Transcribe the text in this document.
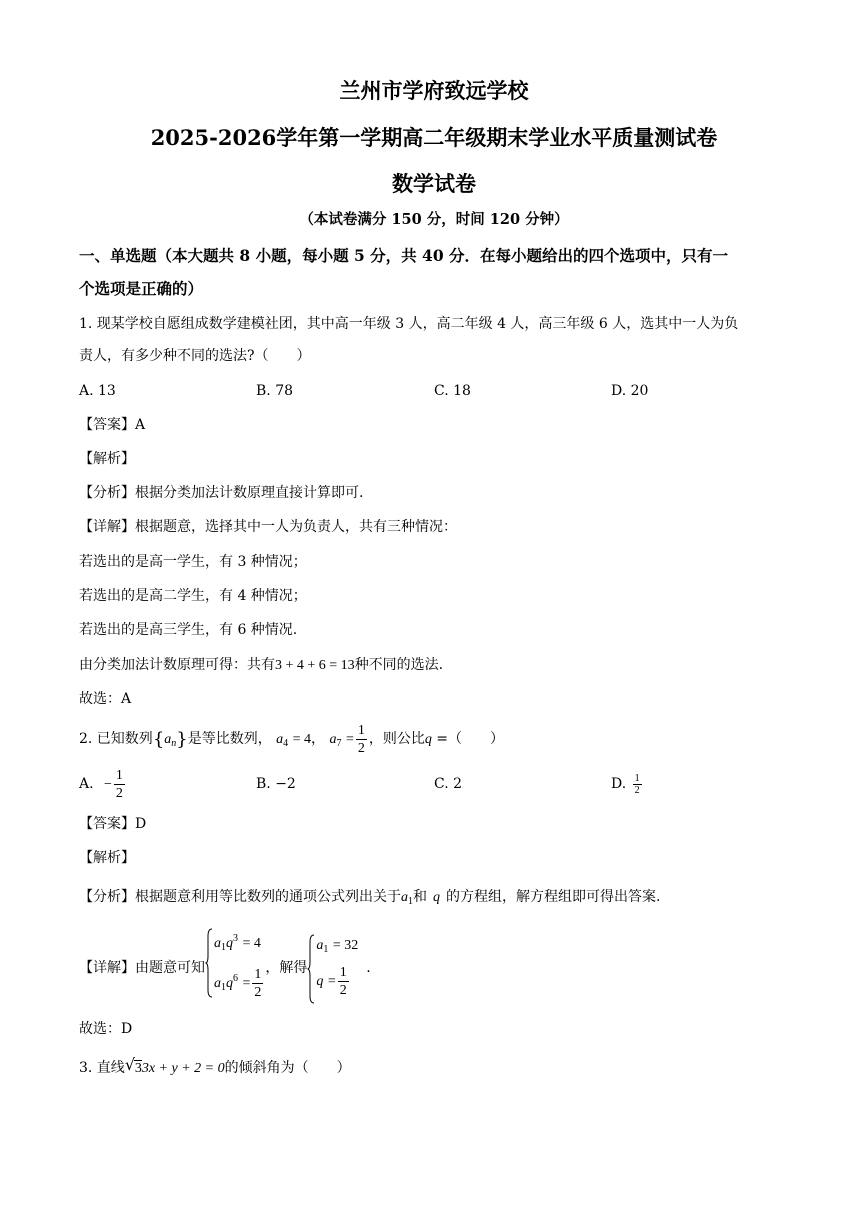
兰州市学府致远学校
2025-2026学年第一学期高二年级期末学业水平质量测试卷
数学试卷
（本试卷满分 150 分，时间 120 分钟）
一、单选题（本大题共 8 小题，每小题 5 分，共 40 分．在每小题给出的四个选项中，只有一
个选项是正确的）
1. 现某学校自愿组成数学建模社团，其中高一年级 3 人，高二年级 4 人，高三年级 6 人，选其中一人为负
责人，有多少种不同的选法?（　　）
A. 13	B. 78	C. 18	D. 20
【答案】A
【解析】
【分析】根据分类加法计数原理直接计算即可.
【详解】根据题意，选择其中一人为负责人，共有三种情况：
若选出的是高一学生，有 3 种情况；
若选出的是高二学生，有 4 种情况；
若选出的是高三学生，有 6 种情况.
由分类加法计数原理可得：共有3 + 4 + 6 = 13种不同的选法.
故选：A
2. 已知数列$\{a_n\}$是等比数列， $a_4 = 4$， $a_7 = \frac{1}{2}$ ，则公比q =（　　）
A. − $\frac{1}{2}$	B. −2	C. 2	D. $\frac{1}{2}$
【答案】D
【解析】
【分析】根据题意利用等比数列的通项公式列出关于$a_1$和 q 的方程组，解方程组即可得出答案.
【详解】由题意可知
$a_1q^3 = 4$
$a_1q^6 = \frac{1}{2}$ ，解得
$a_1 = 32$
$q = \frac{1}{2}$ .
故选：D
3. 直线 √ 33x + y + 2 = 0的倾斜角为（　　）
